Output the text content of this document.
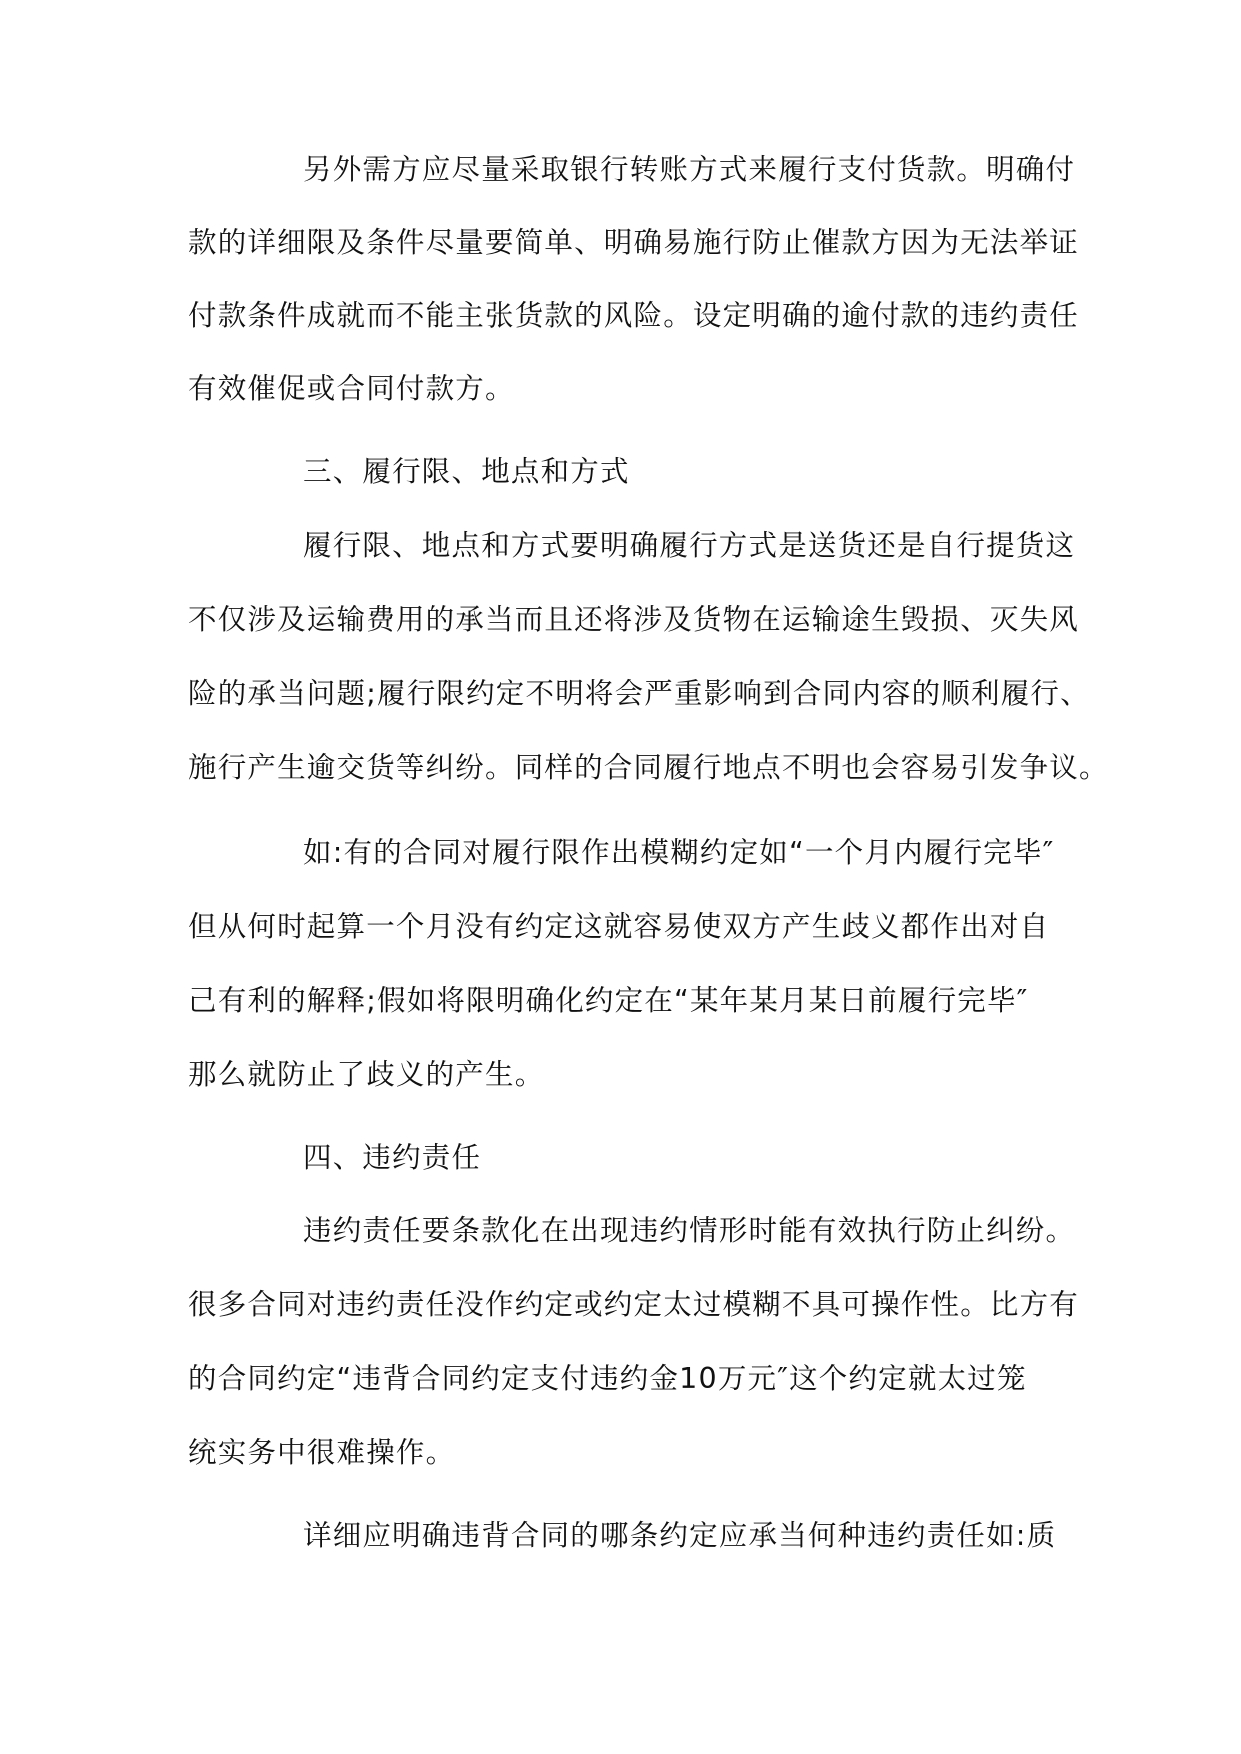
另外需方应尽量采取银行转账方式来履行支付货款。明确付
款的详细限及条件尽量要简单、明确易施行防止催款方因为无法举证
付款条件成就而不能主张货款的风险。设定明确的逾付款的违约责任
有效催促或合同付款方。
三、履行限、地点和方式
履行限、地点和方式要明确履行方式是送货还是自行提货这
不仅涉及运输费用的承当而且还将涉及货物在运输途生毁损、灭失风
险的承当问题;履行限约定不明将会严重影响到合同内容的顺利履行、
施行产生逾交货等纠纷。同样的合同履行地点不明也会容易引发争议。
如:有的合同对履行限作出模糊约定如“一个月内履行完毕″
但从何时起算一个月没有约定这就容易使双方产生歧义都作出对自
己有利的解释;假如将限明确化约定在“某年某月某日前履行完毕″
那么就防止了歧义的产生。
四、违约责任
违约责任要条款化在出现违约情形时能有效执行防止纠纷。
很多合同对违约责任没作约定或约定太过模糊不具可操作性。比方有
的合同约定“违背合同约定支付违约金10万元″这个约定就太过笼
统实务中很难操作。
详细应明确违背合同的哪条约定应承当何种违约责任如:质
